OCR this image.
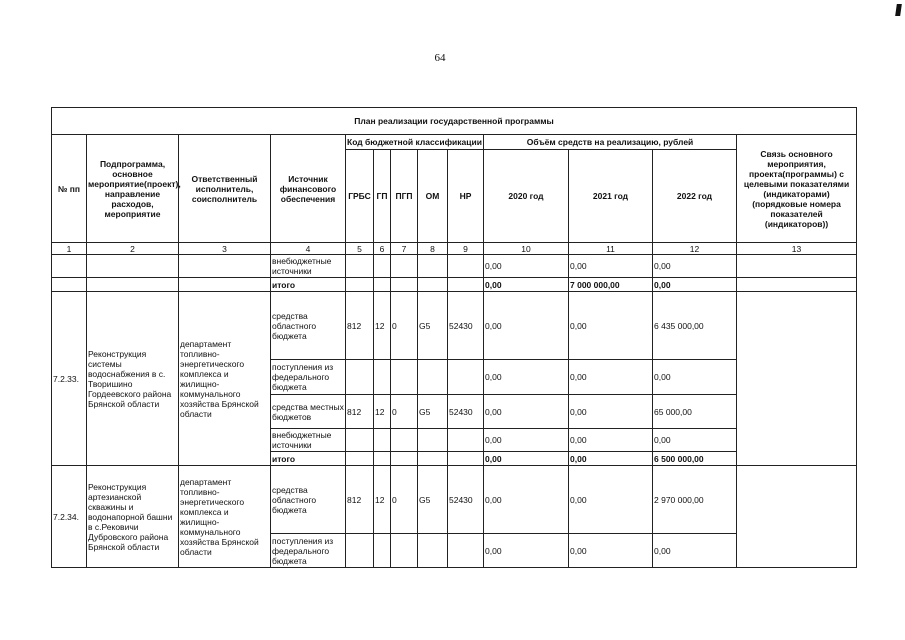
64
План реализации государственной программы												
№ пп	Подпрограмма, основное мероприятие(проект), направление расходов, мероприятие	Ответственный исполнитель, соисполнитель	Источник финансового обеспечения	Код бюджетной классификации					Объём средств на реализацию, рублей			Связь основного мероприятия, проекта(программы) с целевыми показателями (индикаторами) (порядковые номера показателей (индикаторов))
				ГРБС	ГП	ПГП	ОМ	НР	2020 год	2021 год	2022 год	
1	2	3	4	5	6	7	8	9	10	11	12	13
			внебюджетные источники						0,00	0,00	0,00	
			итого						0,00	7 000 000,00	0,00	
7.2.33.	Реконструкция системы водоснабжения в с. Творишино Гордеевского района Брянской области	департамент топливно-энергетического комплекса и жилищно-коммунального хозяйства Брянской области	средства областного бюджета	812	12	0	G5	52430	0,00	0,00	6 435 000,00	
			поступления из федерального бюджета						0,00	0,00	0,00	
			средства местных бюджетов	812	12	0	G5	52430	0,00	0,00	65 000,00	
			внебюджетные источники						0,00	0,00	0,00	
			итого						0,00	0,00	6 500 000,00	
7.2.34.	Реконструкция артезианской скважины и водонапорной башни в с.Рековичи Дубровского района Брянской области	департамент топливно-энергетического комплекса и жилищно-коммунального хозяйства Брянской области	средства областного бюджета	812	12	0	G5	52430	0,00	0,00	2 970 000,00	
			поступления из федерального бюджета						0,00	0,00	0,00	
